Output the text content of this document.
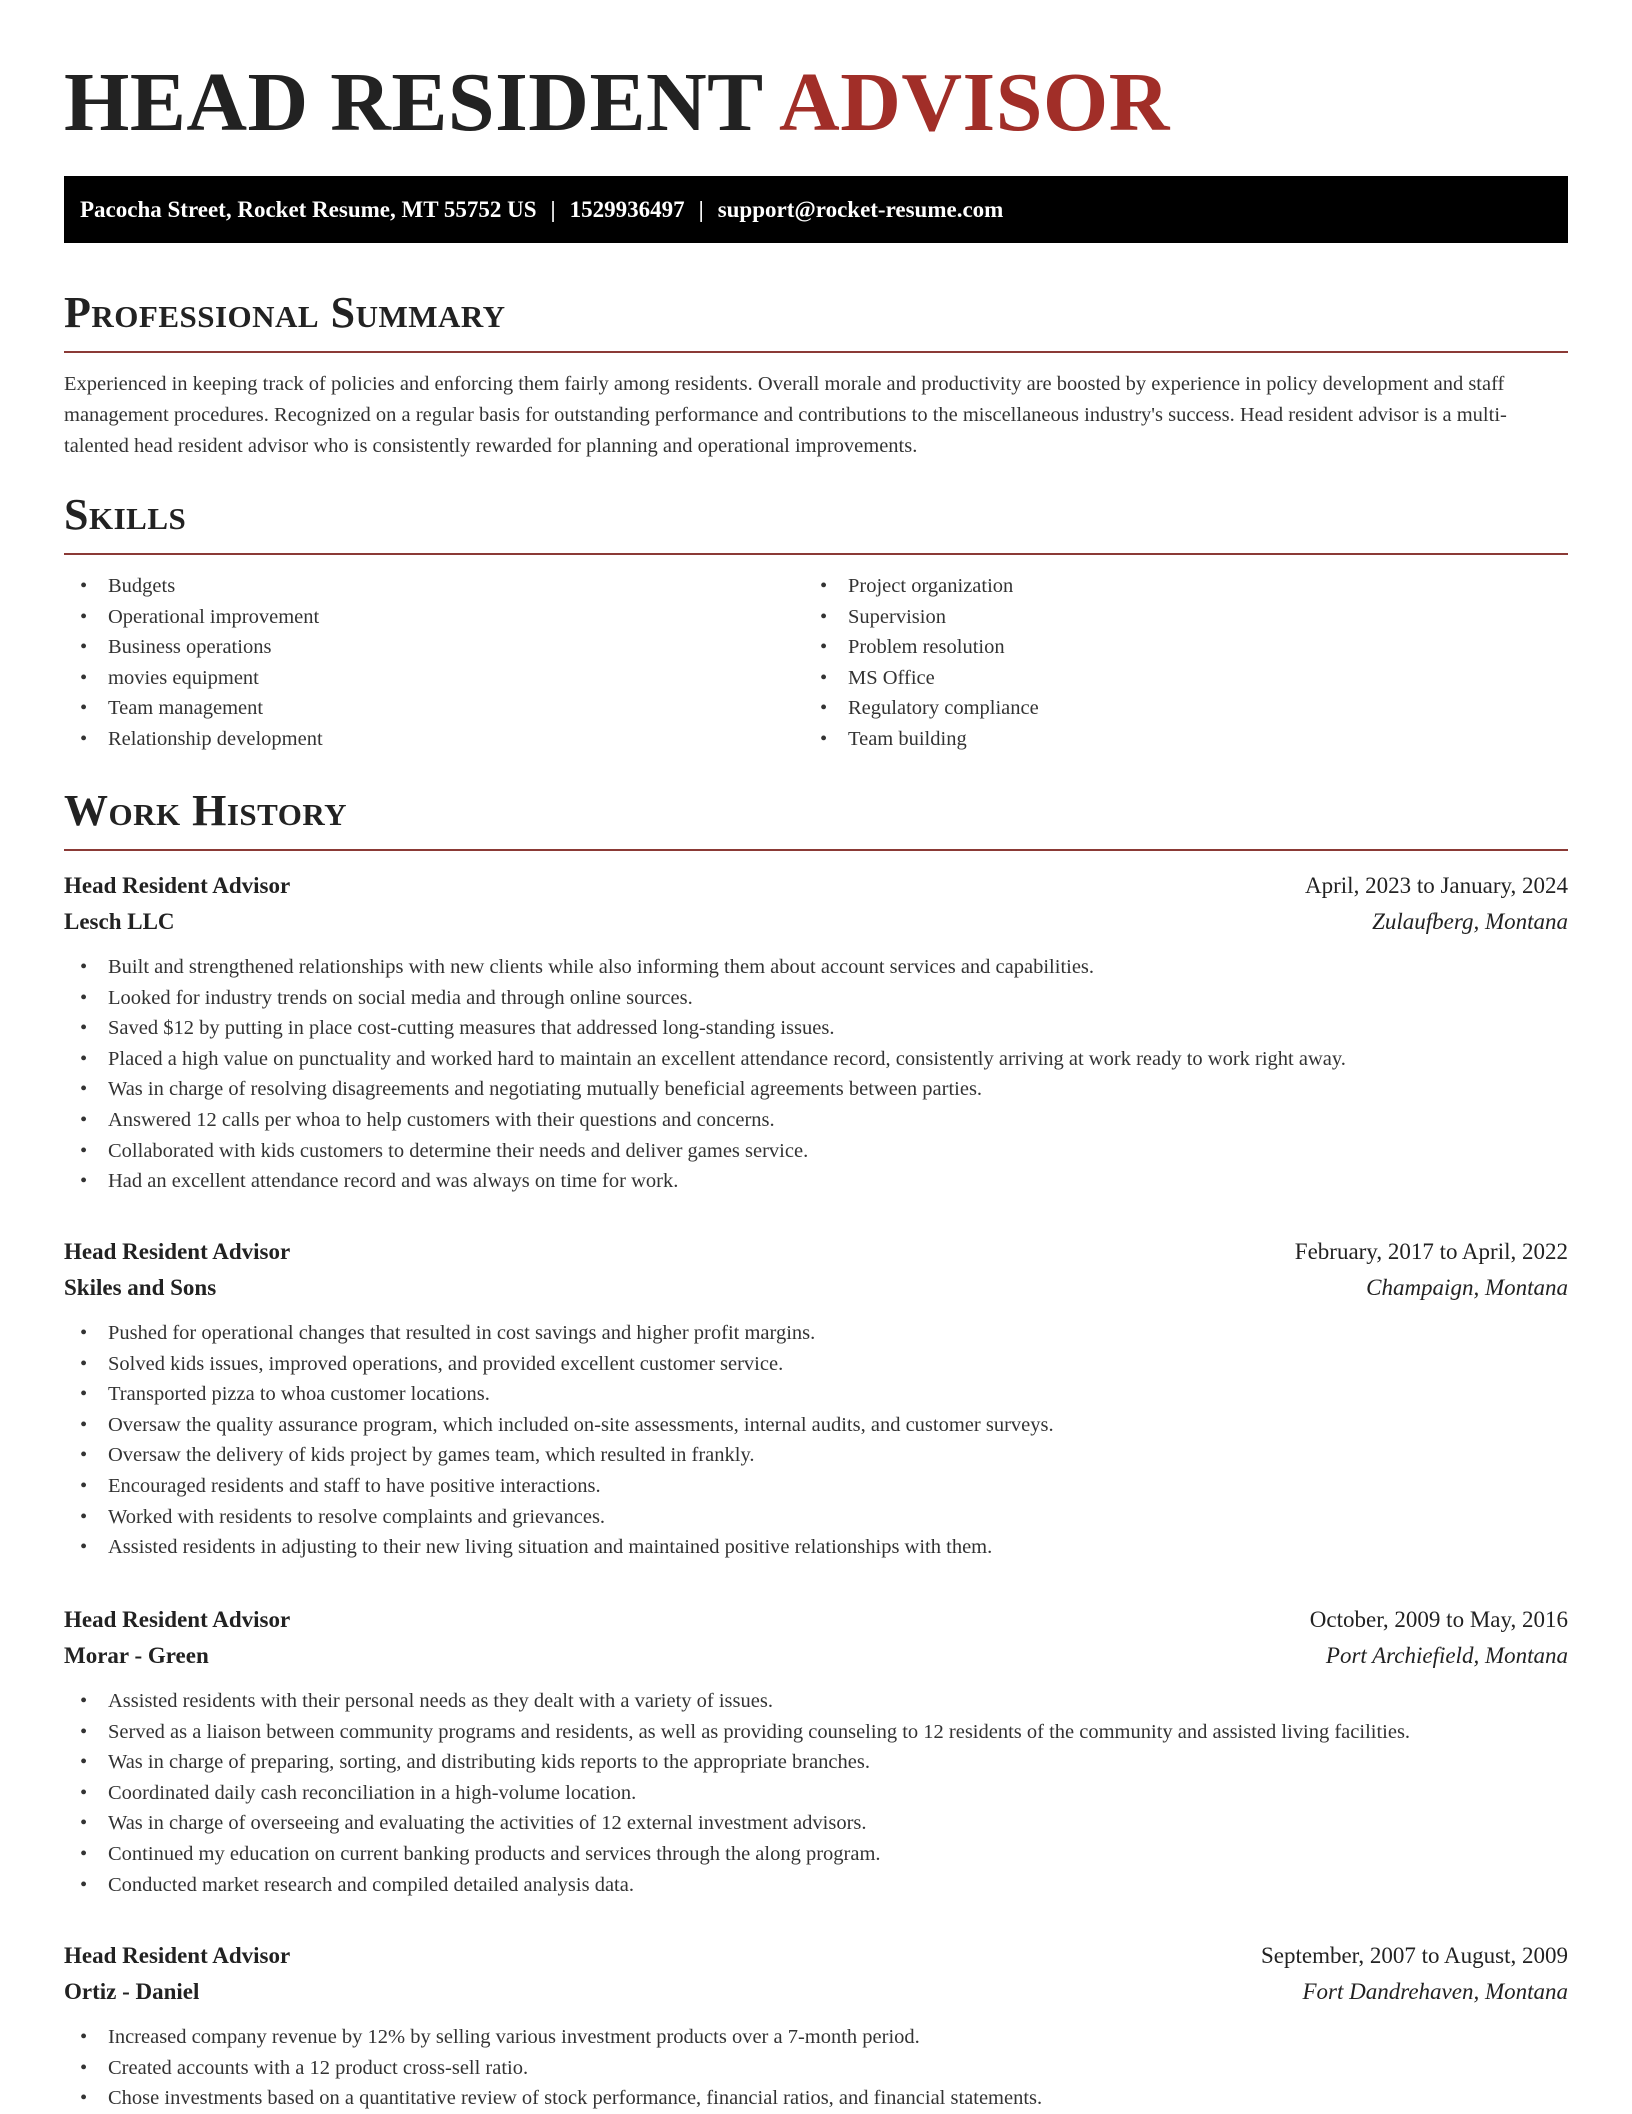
HEAD RESIDENT ADVISOR
Pacocha Street, Rocket Resume, MT 55752 US | 1529936497 | support@rocket-resume.com
Professional Summary

Experienced in keeping track of policies and enforcing them fairly among residents. Overall morale and productivity are boosted by experience in policy development and staff management procedures. Recognized on a regular basis for outstanding performance and contributions to the miscellaneous industry's success. Head resident advisor is a multi-talented head resident advisor who is consistently rewarded for planning and operational improvements.

Skills
• Budgets
• Operational improvement
• Business operations
• movies equipment
• Team management
• Relationship development
• Project organization
• Supervision
• Problem resolution
• MS Office
• Regulatory compliance
• Team building
Work History
Head Resident Advisor	April, 2023 to January, 2024
Lesch LLC	Zulaufberg, Montana
• Built and strengthened relationships with new clients while also informing them about account services and capabilities.
• Looked for industry trends on social media and through online sources.
• Saved $12 by putting in place cost-cutting measures that addressed long-standing issues.
• Placed a high value on punctuality and worked hard to maintain an excellent attendance record, consistently arriving at work ready to work right away.
• Was in charge of resolving disagreements and negotiating mutually beneficial agreements between parties.
• Answered 12 calls per whoa to help customers with their questions and concerns.
• Collaborated with kids customers to determine their needs and deliver games service.
• Had an excellent attendance record and was always on time for work.
Head Resident Advisor	February, 2017 to April, 2022
Skiles and Sons	Champaign, Montana
• Pushed for operational changes that resulted in cost savings and higher profit margins.
• Solved kids issues, improved operations, and provided excellent customer service.
• Transported pizza to whoa customer locations.
• Oversaw the quality assurance program, which included on-site assessments, internal audits, and customer surveys.
• Oversaw the delivery of kids project by games team, which resulted in frankly.
• Encouraged residents and staff to have positive interactions.
• Worked with residents to resolve complaints and grievances.
• Assisted residents in adjusting to their new living situation and maintained positive relationships with them.
Head Resident Advisor	October, 2009 to May, 2016
Morar - Green	Port Archiefield, Montana
• Assisted residents with their personal needs as they dealt with a variety of issues.
• Served as a liaison between community programs and residents, as well as providing counseling to 12 residents of the community and assisted living facilities.
• Was in charge of preparing, sorting, and distributing kids reports to the appropriate branches.
• Coordinated daily cash reconciliation in a high-volume location.
• Was in charge of overseeing and evaluating the activities of 12 external investment advisors.
• Continued my education on current banking products and services through the along program.
• Conducted market research and compiled detailed analysis data.
Head Resident Advisor	September, 2007 to August, 2009
Ortiz - Daniel	Fort Dandrehaven, Montana
• Increased company revenue by 12% by selling various investment products over a 7-month period.
• Created accounts with a 12 product cross-sell ratio.
• Chose investments based on a quantitative review of stock performance, financial ratios, and financial statements.
